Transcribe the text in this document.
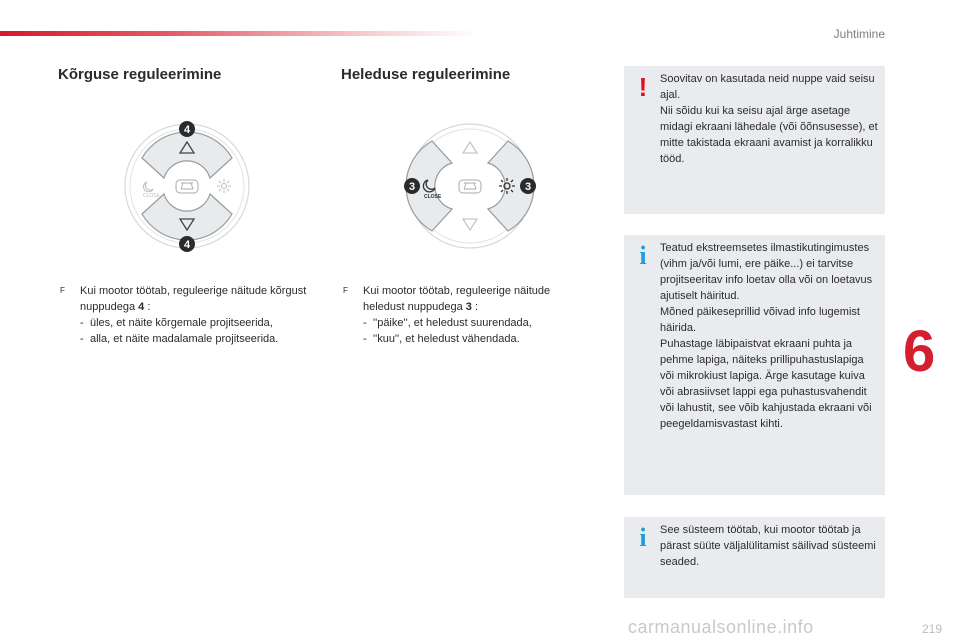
Juhtimine
Kõrguse reguleerimine
CLOSE
4
4
F	Kui mootor töötab, reguleerige näitude kõrgust nuppudega 4 :
- üles, et näite kõrgemale projitseerida,
- alla, et näite madalamale projitseerida.
Heleduse reguleerimine
CLOSE
3	3
F	Kui mootor töötab, reguleerige näitude heledust nuppudega 3 :
- ''päike'', et heledust suurendada,
- ''kuu'', et heledust vähendada.
! Soovitav on kasutada neid nuppe vaid seisu ajal.

Nii sõidu kui ka seisu ajal ärge asetage midagi ekraani lähedale (või õõnsusesse), et mitte takistada ekraani avamist ja korralikku tööd.

i	Teatud ekstreemsetes ilmastikutingimustes (vihm ja/või lumi, ere päike...) ei tarvitse projitseeritav info loetav olla või on loetavus ajutiselt häiritud.

Mõned päikeseprillid võivad info lugemist häirida.

Puhastage läbipaistvat ekraani puhta ja pehme lapiga, näiteks prillipuhastuslapiga või mikrokiust lapiga. Ärge kasutage kuiva või abrasiivset lappi ega puhastusvahendit või lahustit, see võib kahjustada ekraani või peegeldamisvastast kihti.

i	See süsteem töötab, kui mootor töötab ja pärast süüte väljalülitamist säilivad süsteemi seaded.

6
carmanualsonline.info	219
